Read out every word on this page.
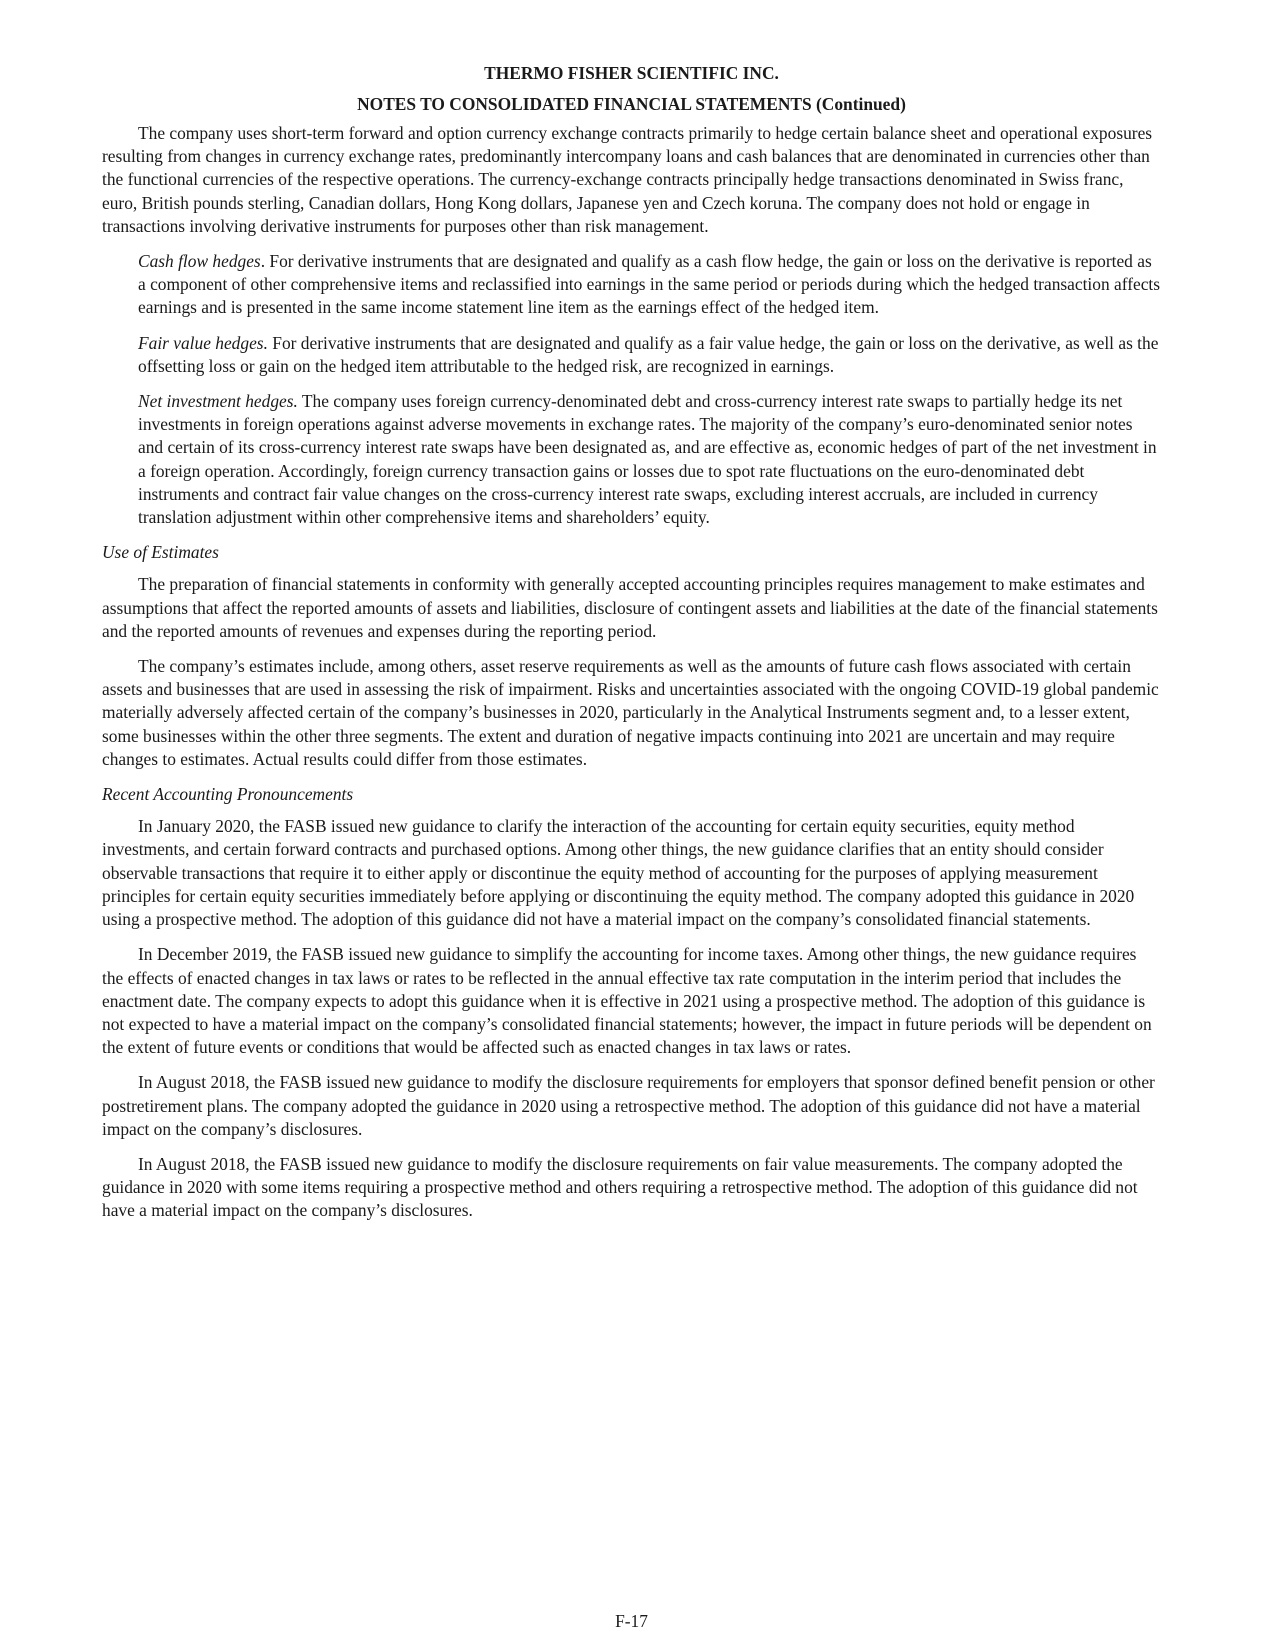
THERMO FISHER SCIENTIFIC INC.

NOTES TO CONSOLIDATED FINANCIAL STATEMENTS (Continued)

The company uses short-term forward and option currency exchange contracts primarily to hedge certain balance sheet and operational exposures resulting from changes in currency exchange rates, predominantly intercompany loans and cash balances that are denominated in currencies other than the functional currencies of the respective operations. The currency-exchange contracts principally hedge transactions denominated in Swiss franc, euro, British pounds sterling, Canadian dollars, Hong Kong dollars, Japanese yen and Czech koruna. The company does not hold or engage in transactions involving derivative instruments for purposes other than risk management.

Cash flow hedges. For derivative instruments that are designated and qualify as a cash flow hedge, the gain or loss on the derivative is reported as a component of other comprehensive items and reclassified into earnings in the same period or periods during which the hedged transaction affects earnings and is presented in the same income statement line item as the earnings effect of the hedged item.

Fair value hedges. For derivative instruments that are designated and qualify as a fair value hedge, the gain or loss on the derivative, as well as the offsetting loss or gain on the hedged item attributable to the hedged risk, are recognized in earnings.

Net investment hedges. The company uses foreign currency-denominated debt and cross-currency interest rate swaps to partially hedge its net investments in foreign operations against adverse movements in exchange rates. The majority of the company’s euro-denominated senior notes and certain of its cross-currency interest rate swaps have been designated as, and are effective as, economic hedges of part of the net investment in a foreign operation. Accordingly, foreign currency transaction gains or losses due to spot rate fluctuations on the euro-denominated debt instruments and contract fair value changes on the cross-currency interest rate swaps, excluding interest accruals, are included in currency translation adjustment within other comprehensive items and shareholders’ equity.

Use of Estimates

The preparation of financial statements in conformity with generally accepted accounting principles requires management to make estimates and assumptions that affect the reported amounts of assets and liabilities, disclosure of contingent assets and liabilities at the date of the financial statements and the reported amounts of revenues and expenses during the reporting period.

The company’s estimates include, among others, asset reserve requirements as well as the amounts of future cash flows associated with certain assets and businesses that are used in assessing the risk of impairment. Risks and uncertainties associated with the ongoing COVID-19 global pandemic materially adversely affected certain of the company’s businesses in 2020, particularly in the Analytical Instruments segment and, to a lesser extent, some businesses within the other three segments. The extent and duration of negative impacts continuing into 2021 are uncertain and may require changes to estimates. Actual results could differ from those estimates.

Recent Accounting Pronouncements

In January 2020, the FASB issued new guidance to clarify the interaction of the accounting for certain equity securities, equity method investments, and certain forward contracts and purchased options. Among other things, the new guidance clarifies that an entity should consider observable transactions that require it to either apply or discontinue the equity method of accounting for the purposes of applying measurement principles for certain equity securities immediately before applying or discontinuing the equity method. The company adopted this guidance in 2020 using a prospective method. The adoption of this guidance did not have a material impact on the company’s consolidated financial statements.

In December 2019, the FASB issued new guidance to simplify the accounting for income taxes. Among other things, the new guidance requires the effects of enacted changes in tax laws or rates to be reflected in the annual effective tax rate computation in the interim period that includes the enactment date. The company expects to adopt this guidance when it is effective in 2021 using a prospective method. The adoption of this guidance is not expected to have a material impact on the company’s consolidated financial statements; however, the impact in future periods will be dependent on the extent of future events or conditions that would be affected such as enacted changes in tax laws or rates.

In August 2018, the FASB issued new guidance to modify the disclosure requirements for employers that sponsor defined benefit pension or other postretirement plans. The company adopted the guidance in 2020 using a retrospective method. The adoption of this guidance did not have a material impact on the company’s disclosures.

In August 2018, the FASB issued new guidance to modify the disclosure requirements on fair value measurements. The company adopted the guidance in 2020 with some items requiring a prospective method and others requiring a retrospective method. The adoption of this guidance did not have a material impact on the company’s disclosures.

F-17
